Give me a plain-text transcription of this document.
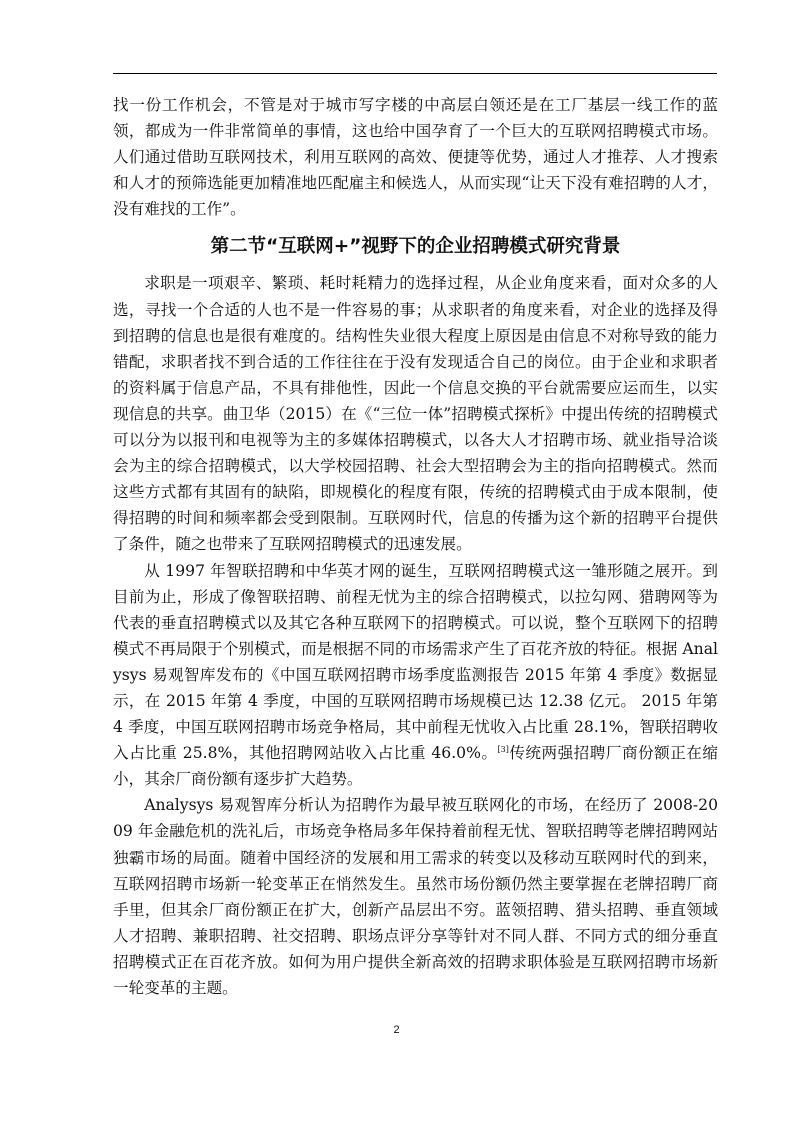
找一份工作机会，不管是对于城市写字楼的中高层白领还是在工厂基层一线工作的蓝领，都成为一件非常简单的事情，这也给中国孕育了一个巨大的互联网招聘模式市场。人们通过借助互联网技术，利用互联网的高效、便捷等优势，通过人才推荐、人才搜索和人才的预筛选能更加精准地匹配雇主和候选人，从而实现“让天下没有难招聘的人才，没有难找的工作”。

第二节“互联网+”视野下的企业招聘模式研究背景

求职是一项艰辛、繁琐、耗时耗精力的选择过程，从企业角度来看，面对众多的人选，寻找一个合适的人也不是一件容易的事；从求职者的角度来看，对企业的选择及得到招聘的信息也是很有难度的。结构性失业很大程度上原因是由信息不对称导致的能力错配，求职者找不到合适的工作往往在于没有发现适合自己的岗位。由于企业和求职者的资料属于信息产品，不具有排他性，因此一个信息交换的平台就需要应运而生，以实现信息的共享。曲卫华（2015）在《“三位一体”招聘模式探析》中提出传统的招聘模式可以分为以报刊和电视等为主的多媒体招聘模式，以各大人才招聘市场、就业指导洽谈会为主的综合招聘模式，以大学校园招聘、社会大型招聘会为主的指向招聘模式。然而这些方式都有其固有的缺陷，即规模化的程度有限，传统的招聘模式由于成本限制，使得招聘的时间和频率都会受到限制。互联网时代，信息的传播为这个新的招聘平台提供了条件，随之也带来了互联网招聘模式的迅速发展。

从 1997 年智联招聘和中华英才网的诞生，互联网招聘模式这一雏形随之展开。到目前为止，形成了像智联招聘、前程无忧为主的综合招聘模式，以拉勾网、猎聘网等为代表的垂直招聘模式以及其它各种互联网下的招聘模式。可以说，整个互联网下的招聘模式不再局限于个别模式，而是根据不同的市场需求产生了百花齐放的特征。根据 Analysys 易观智库发布的《中国互联网招聘市场季度监测报告 2015 年第 4 季度》数据显示，在 2015 年第 4 季度，中国的互联网招聘市场规模已达 12.38 亿元。 2015 年第 4 季度，中国互联网招聘市场竞争格局，其中前程无忧收入占比重 28.1%，智联招聘收入占比重 25.8%，其他招聘网站收入占比重 46.0%。[3]传统两强招聘厂商份额正在缩小，其余厂商份额有逐步扩大趋势。

Analysys 易观智库分析认为招聘作为最早被互联网化的市场，在经历了 2008-2009 年金融危机的洗礼后，市场竞争格局多年保持着前程无忧、智联招聘等老牌招聘网站独霸市场的局面。随着中国经济的发展和用工需求的转变以及移动互联网时代的到来，互联网招聘市场新一轮变革正在悄然发生。虽然市场份额仍然主要掌握在老牌招聘厂商手里，但其余厂商份额正在扩大，创新产品层出不穷。蓝领招聘、猎头招聘、垂直领域人才招聘、兼职招聘、社交招聘、职场点评分享等针对不同人群、不同方式的细分垂直招聘模式正在百花齐放。如何为用户提供全新高效的招聘求职体验是互联网招聘市场新一轮变革的主题。

2
